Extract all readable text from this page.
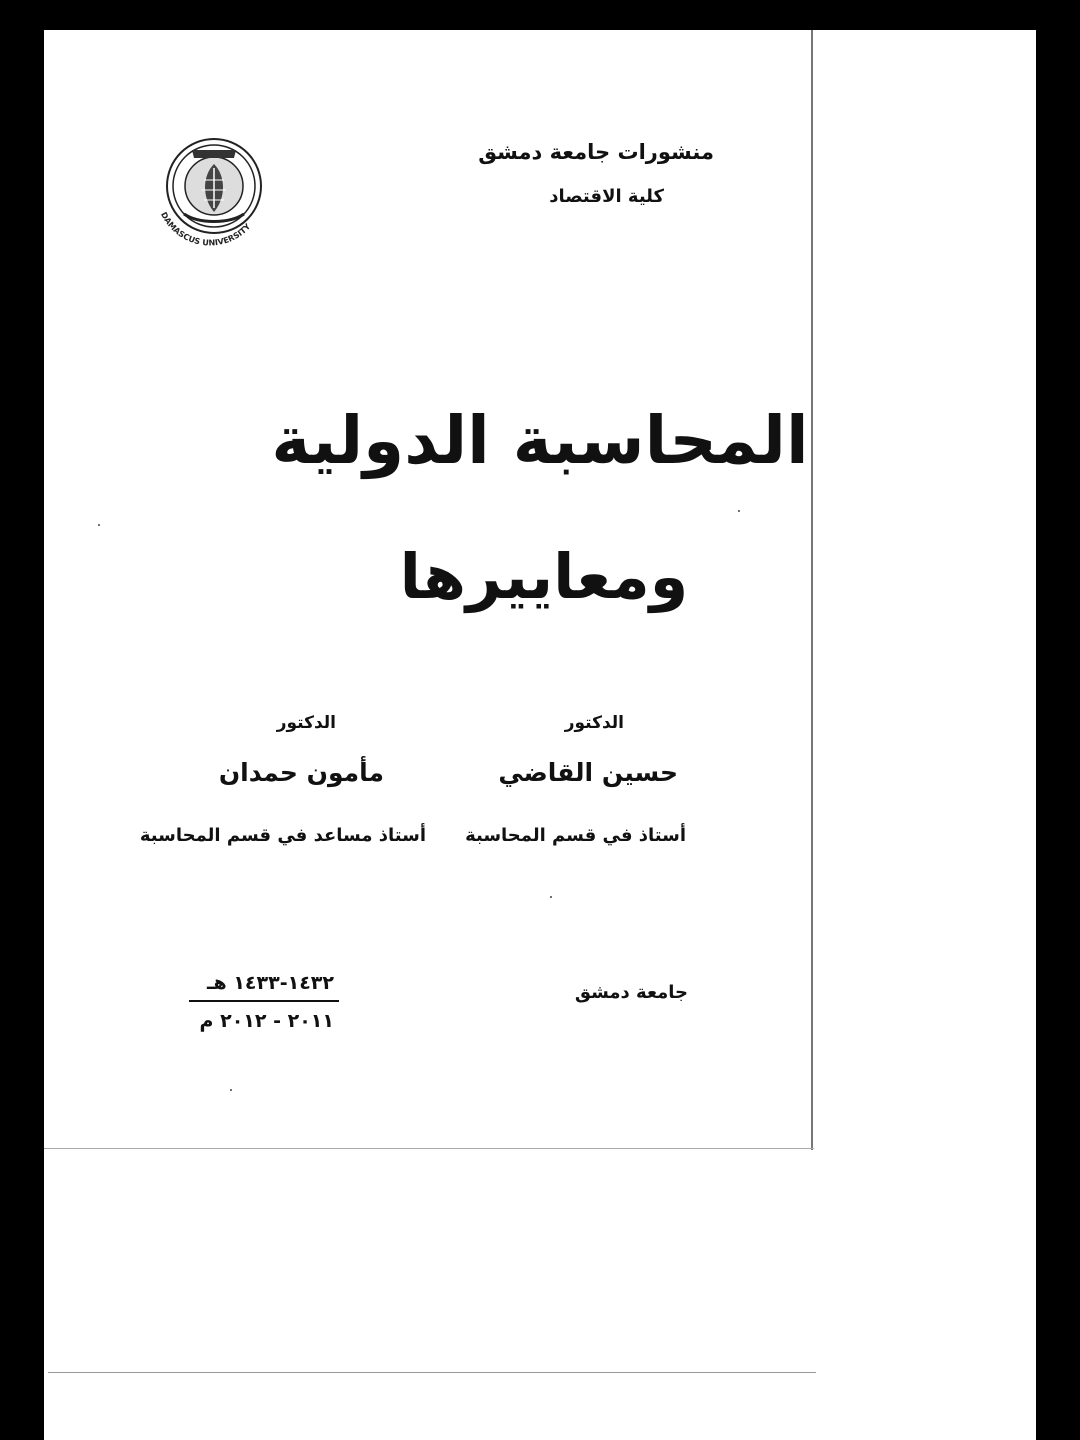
DAMASCUS UNIVERSITY
منشورات جامعة دمشق
كلية الاقتصاد
المحاسبة الدولية
ومعاييرها
الدكتور
حسين القاضي
أستاذ في قسم المحاسبة
الدكتور
مأمون حمدان
أستاذ مساعد في قسم المحاسبة
جامعة دمشق
١٤٣٢-١٤٣٣ هـ
٢٠١١ - ٢٠١٢ م
